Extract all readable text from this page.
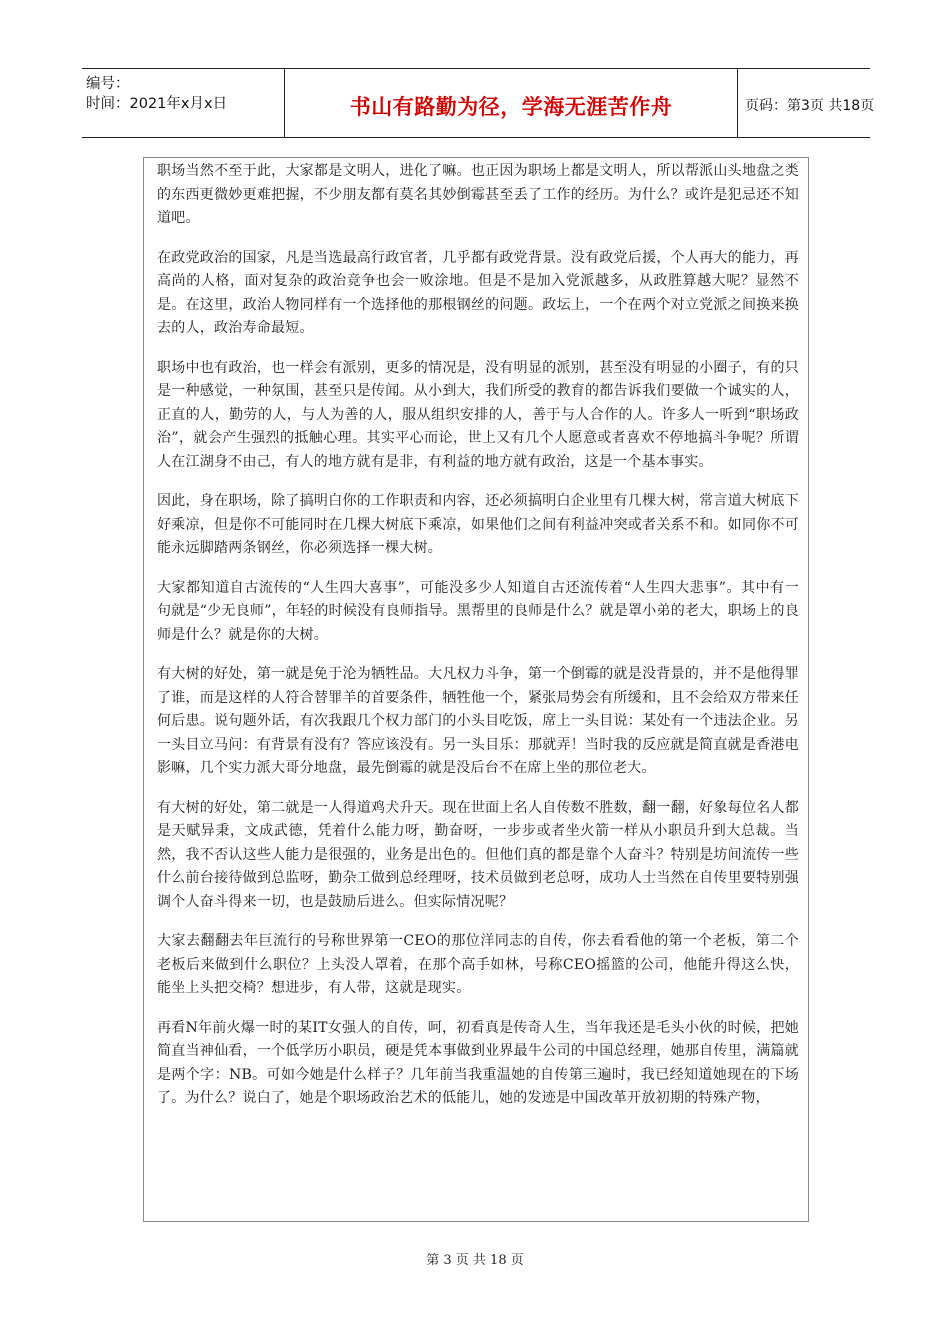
编号：
时间：2021年x月x日	书山有路勤为径，学海无涯苦作舟	页码：第3页 共18页

职场当然不至于此，大家都是文明人，进化了嘛。也正因为职场上都是文明人，所以帮派山头地盘之类的东西更微妙更难把握，不少朋友都有莫名其妙倒霉甚至丢了工作的经历。为什么？或许是犯忌还不知道吧。

在政党政治的国家，凡是当选最高行政官者，几乎都有政党背景。没有政党后援，个人再大的能力，再高尚的人格，面对复杂的政治竞争也会一败涂地。但是不是加入党派越多，从政胜算越大呢？显然不是。在这里，政治人物同样有一个选择他的那根钢丝的问题。政坛上，一个在两个对立党派之间换来换去的人，政治寿命最短。

职场中也有政治，也一样会有派别，更多的情况是，没有明显的派别，甚至没有明显的小圈子，有的只是一种感觉，一种氛围，甚至只是传闻。从小到大，我们所受的教育的都告诉我们要做一个诚实的人，正直的人，勤劳的人，与人为善的人，服从组织安排的人，善于与人合作的人。许多人一听到“职场政治”，就会产生强烈的抵触心理。其实平心而论，世上又有几个人愿意或者喜欢不停地搞斗争呢？所谓人在江湖身不由己，有人的地方就有是非，有利益的地方就有政治，这是一个基本事实。

因此，身在职场，除了搞明白你的工作职责和内容，还必须搞明白企业里有几棵大树，常言道大树底下好乘凉，但是你不可能同时在几棵大树底下乘凉，如果他们之间有利益冲突或者关系不和。如同你不可能永远脚踏两条钢丝，你必须选择一棵大树。

大家都知道自古流传的“人生四大喜事”，可能没多少人知道自古还流传着“人生四大悲事”。其中有一句就是“少无良师”，年轻的时候没有良师指导。黑帮里的良师是什么？就是罩小弟的老大，职场上的良师是什么？就是你的大树。

有大树的好处，第一就是免于沦为牺牲品。大凡权力斗争，第一个倒霉的就是没背景的，并不是他得罪了谁，而是这样的人符合替罪羊的首要条件，牺牲他一个，紧张局势会有所缓和，且不会给双方带来任何后患。说句题外话，有次我跟几个权力部门的小头目吃饭，席上一头目说：某处有一个违法企业。另一头目立马问：有背景有没有？答应该没有。另一头目乐：那就弄！当时我的反应就是简直就是香港电影嘛，几个实力派大哥分地盘，最先倒霉的就是没后台不在席上坐的那位老大。

有大树的好处，第二就是一人得道鸡犬升天。现在世面上名人自传数不胜数，翻一翻，好象每位名人都是天赋异秉，文成武德，凭着什么能力呀，勤奋呀，一步步或者坐火箭一样从小职员升到大总裁。当然，我不否认这些人能力是很强的，业务是出色的。但他们真的都是靠个人奋斗？特别是坊间流传一些什么前台接待做到总监呀，勤杂工做到总经理呀，技术员做到老总呀，成功人士当然在自传里要特别强调个人奋斗得来一切，也是鼓励后进么。但实际情况呢？

大家去翻翻去年巨流行的号称世界第一CEO的那位洋同志的自传，你去看看他的第一个老板，第二个老板后来做到什么职位？上头没人罩着，在那个高手如林，号称CEO摇篮的公司，他能升得这么快，能坐上头把交椅？想进步，有人带，这就是现实。

再看N年前火爆一时的某IT女强人的自传，呵，初看真是传奇人生，当年我还是毛头小伙的时候，把她简直当神仙看，一个低学历小职员，硬是凭本事做到业界最牛公司的中国总经理，她那自传里，满篇就是两个字：NB。可如今她是什么样子？几年前当我重温她的自传第三遍时，我已经知道她现在的下场了。为什么？说白了，她是个职场政治艺术的低能儿，她的发迹是中国改革开放初期的特殊产物，

第 3 页 共 18 页
